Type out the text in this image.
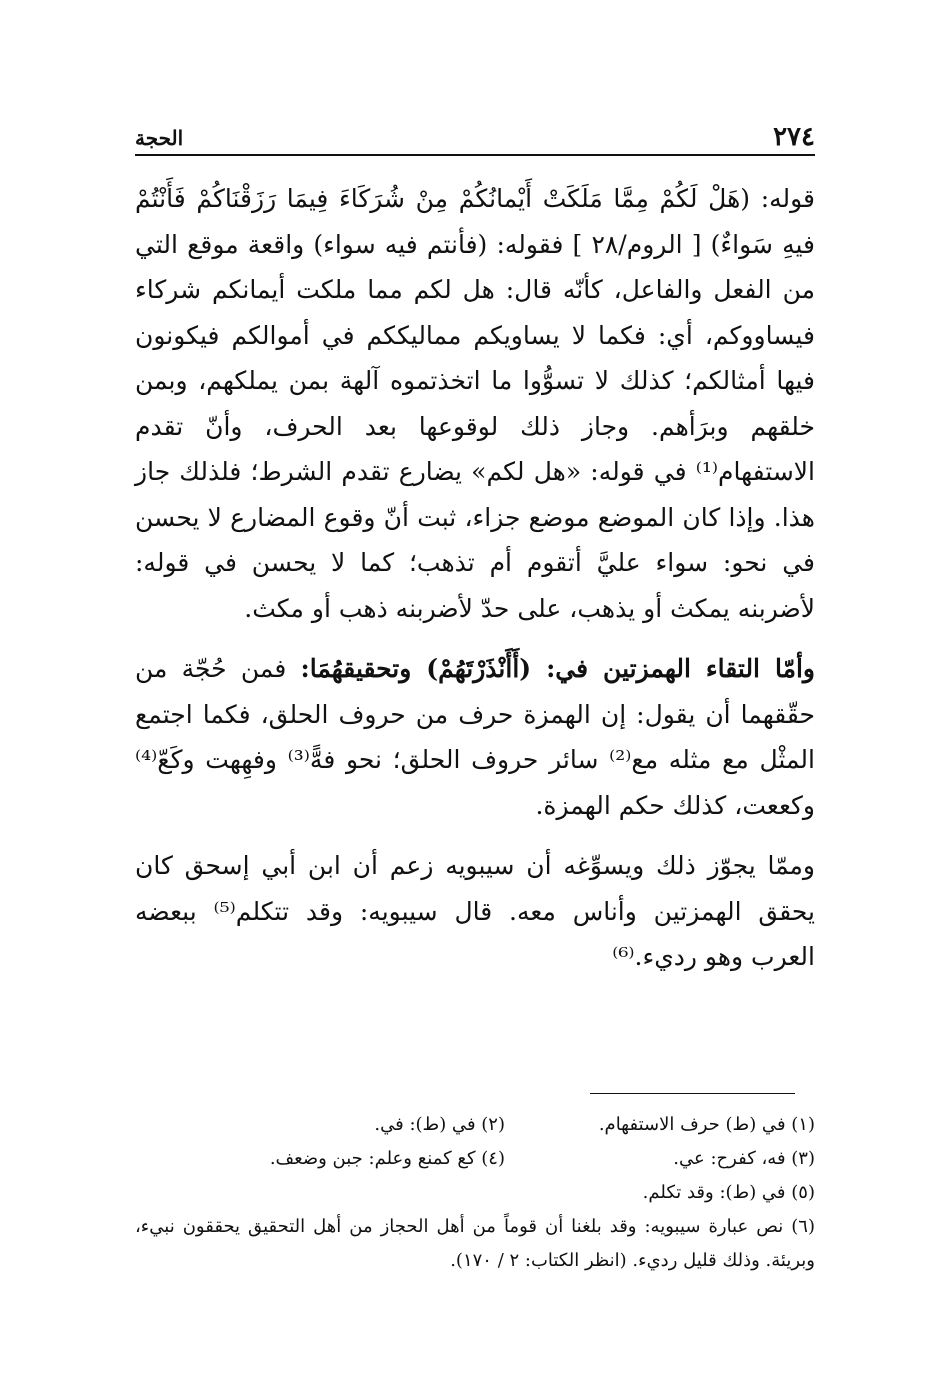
٢٧٤
الحجة

قوله: (هَلْ لَكُمْ مِمَّا مَلَكَتْ أَيْمانُكُمْ مِنْ شُرَكَاءَ فِيمَا رَزَقْنَاكُمْ فَأَنْتُمْ فيهِ سَواءٌ) [ الروم/٢٨ ] فقوله: (فأنتم فيه سواء) واقعة موقع التي من الفعل والفاعل، كأنّه قال: هل لكم مما ملكت أيمانكم شركاء فيساووكم، أي: فكما لا يساويكم مماليككم في أموالكم فيكونون فيها أمثالكم؛ كذلك لا تسوُّوا ما اتخذتموه آلهة بمن يملكهم، وبمن خلقهم وبرَأهم. وجاز ذلك لوقوعها بعد الحرف، وأنّ تقدم الاستفهام⁽¹⁾ في قوله: «هل لكم» يضارع تقدم الشرط؛ فلذلك جاز هذا. وإذا كان الموضع موضع جزاء، ثبت أنّ وقوع المضارع لا يحسن في نحو: سواء عليَّ أتقوم أم تذهب؛ كما لا يحسن في قوله: لأضربنه يمكث أو يذهب، على حدّ لأضربنه ذهب أو مكث.

وأمّا التقاء الهمزتين في: (أَأَنْذَرْتَهُمْ) وتحقيقهُمَا: فمن حُجّة من حقّقهما أن يقول: إن الهمزة حرف من حروف الحلق، فكما اجتمع المثْل مع مثله مع⁽²⁾ سائر حروف الحلق؛ نحو فهًّ⁽³⁾ وفهِهت وكَعّ⁽⁴⁾ وكععت، كذلك حكم الهمزة.

وممّا يجوّز ذلك ويسوِّغه أن سيبويه زعم أن ابن أبي إسحق كان يحقق الهمزتين وأناس معه. قال سيبويه: وقد تتكلم⁽⁵⁾ ببعضه العرب وهو رديء.⁽⁶⁾

(١) في (ط) حرف الاستفهام.
(٢) في (ط): في.
(٣) فه، كفرح: عي.
(٤) كع كمنع وعلم: جبن وضعف.
(٥) في (ط): وقد تكلم.
(٦) نص عبارة سيبويه: وقد بلغنا أن قوماً من أهل الحجاز من أهل التحقيق يحققون نبيء، وبريئة. وذلك قليل رديء. (انظر الكتاب: ٢ / ١٧٠).
